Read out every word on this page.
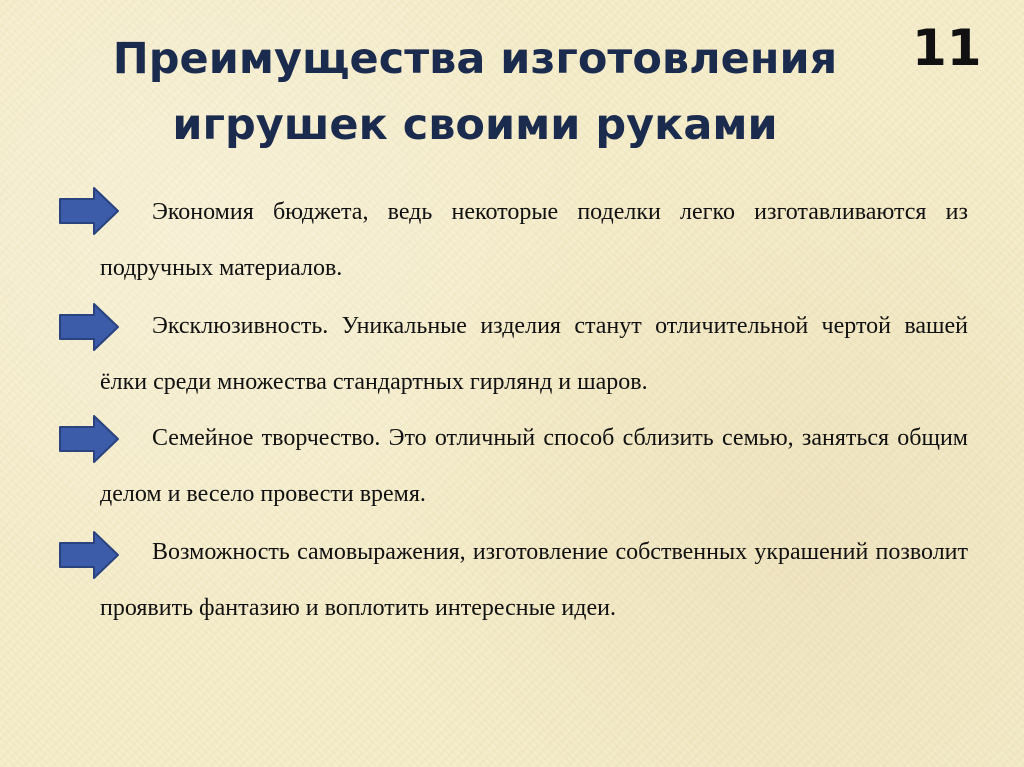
Преимущества изготовления игрушек своими руками
11

Экономия бюджета, ведь некоторые поделки легко изготавливаются из подручных материалов.

Эксклюзивность. Уникальные изделия станут отличительной чертой вашей ёлки среди множества стандартных гирлянд и шаров.

Семейное творчество. Это отличный способ сблизить семью, заняться общим делом и весело провести время.

Возможность самовыражения, изготовление собственных украшений позволит проявить фантазию и воплотить интересные идеи.
